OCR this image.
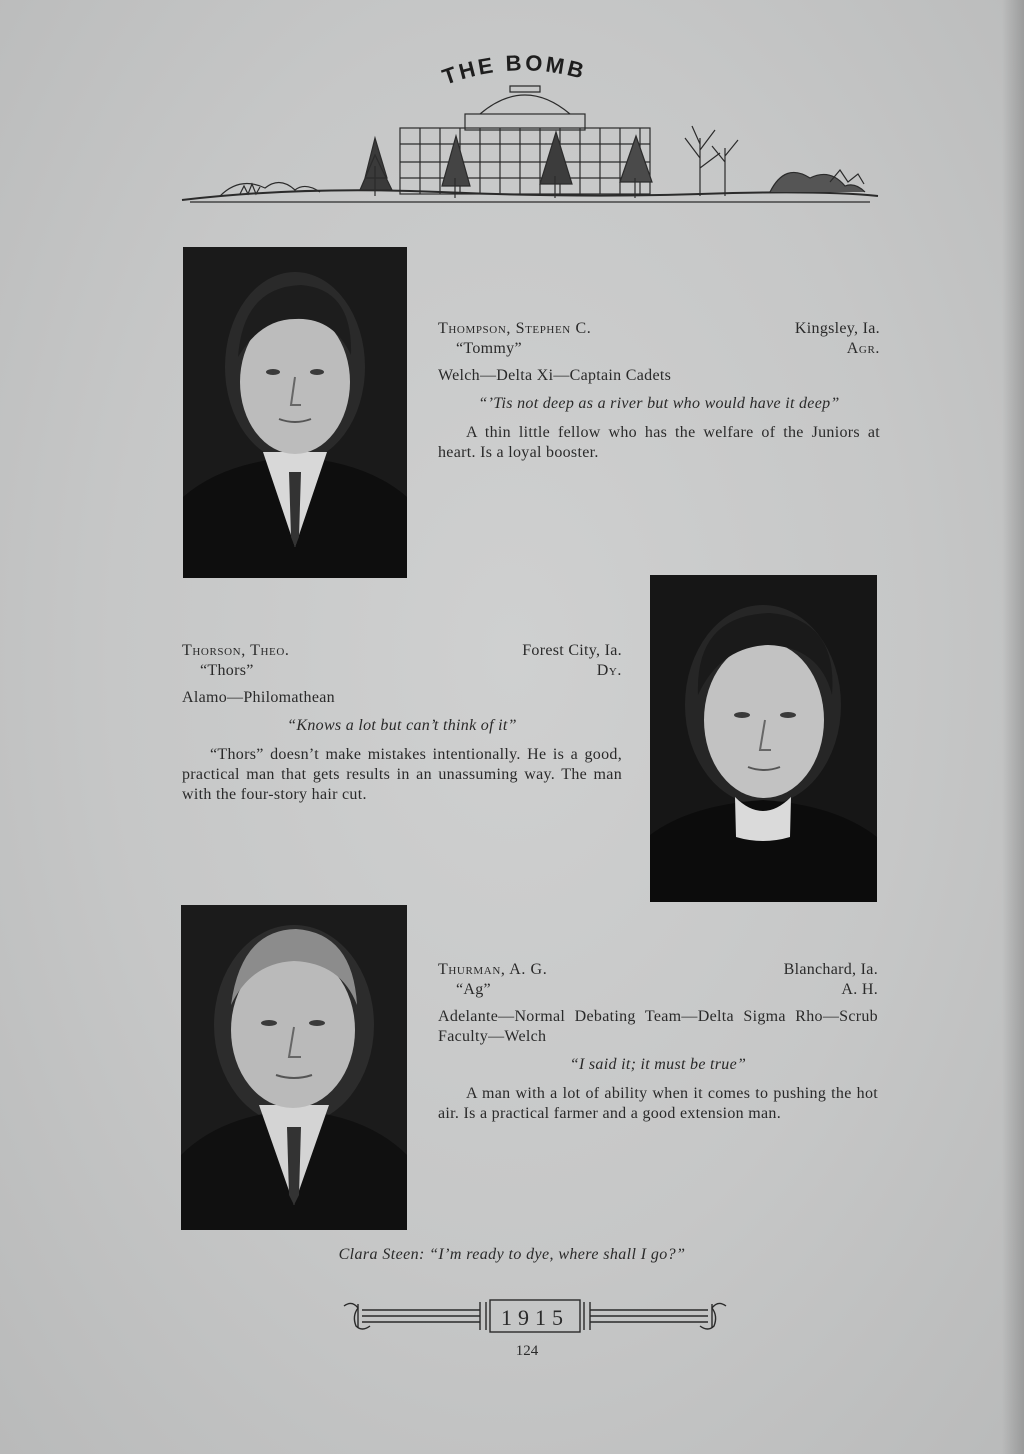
THE BOMB
Thompson, Stephen C.	Kingsley, Ia.
“Tommy”	Agr.
Welch—Delta Xi—Captain Cadets
“’Tis not deep as a river but who would have it deep”
A thin little fellow who has the welfare of the Juniors at heart. Is a loyal booster.
Thorson, Theo.	Forest City, Ia.
“Thors”	Dy.
Alamo—Philomathean
“Knows a lot but can’t think of it”
“Thors” doesn’t make mistakes intentionally. He is a good, practical man that gets results in an unassuming way. The man with the four-story hair cut.
Thurman, A. G.	Blanchard, Ia.
“Ag”	A. H.
Adelante—Normal Debating Team—Delta Sigma Rho—Scrub Faculty—Welch
“I said it; it must be true”
A man with a lot of ability when it comes to pushing the hot air. Is a practical farmer and a good extension man.
Clara Steen: “I’m ready to dye, where shall I go?”
1915
124
